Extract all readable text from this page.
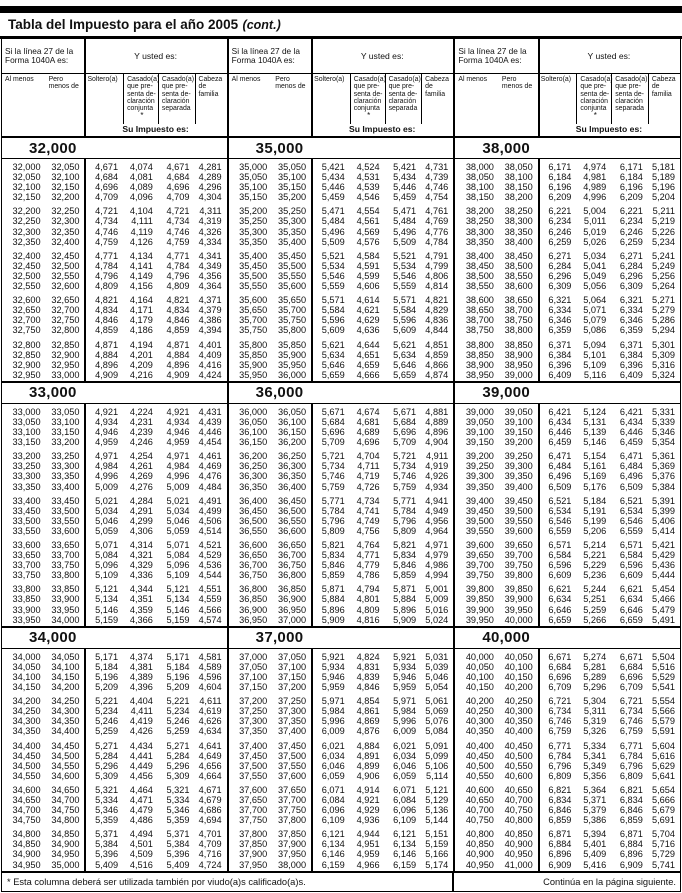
Tabla del Impuesto para el año 2005 (cont.)
Si la línea 27 de la Forma 1040A es:	Y usted es:
Al menos	Pero menos de
Soltero(a)	Casado(a) que pre- senta de- claración conjunta
*
Casado(a) que pre- senta de- claración separada
Cabeza de familia
Su Impuesto es:
32,000
32,000	32,050	4,671	4,074	4,671 4,281
32,050	32,100	4,684	4,081	4,684 4,289
32,100	32,150	4,696	4,089	4,696 4,296
32,150	32,200	4,709	4,096	4,709 4,304
32,200	32,250	4,721	4,104	4,721	4,311
32,250	32,300	4,734	4,111	4,734 4,319
32,300	32,350	4,746	4,119	4,746 4,326
32,350	32,400	4,759	4,126	4,759 4,334
32,400	32,450	4,771	4,134	4,771 4,341
32,450	32,500	4,784	4,141	4,784 4,349
32,500	32,550	4,796	4,149	4,796 4,356
32,550	32,600	4,809	4,156	4,809 4,364
32,600	32,650	4,821	4,164	4,821 4,371
32,650	32,700	4,834	4,171	4,834 4,379
32,700	32,750	4,846	4,179	4,846 4,386
32,750	32,800	4,859	4,186	4,859 4,394
32,800	32,850	4,871	4,194	4,871 4,401
32,850	32,900	4,884	4,201	4,884 4,409
32,900	32,950	4,896	4,209	4,896 4,416
32,950	33,000	4,909	4,216	4,909 4,424
33,000
33,000	33,050	4,921	4,224	4,921 4,431
33,050	33,100	4,934	4,231	4,934 4,439
33,100	33,150	4,946	4,239	4,946 4,446
33,150	33,200	4,959	4,246	4,959 4,454
33,200	33,250	4,971	4,254	4,971 4,461
33,250	33,300	4,984	4,261	4,984 4,469
33,300	33,350	4,996	4,269	4,996 4,476
33,350	33,400	5,009	4,276	5,009 4,484
33,400	33,450	5,021	4,284	5,021 4,491
33,450	33,500	5,034	4,291	5,034 4,499
33,500	33,550	5,046	4,299	5,046 4,506
33,550	33,600	5,059	4,306	5,059 4,514
33,600	33,650	5,071	4,314	5,071 4,521
33,650	33,700	5,084	4,321	5,084 4,529
33,700	33,750	5,096	4,329	5,096 4,536
33,750	33,800	5,109	4,336	5,109 4,544
33,800	33,850	5,121	4,344	5,121 4,551
33,850	33,900	5,134	4,351	5,134 4,559
33,900	33,950	5,146	4,359	5,146 4,566
33,950	34,000	5,159	4,366	5,159 4,574
34,000
34,000	34,050	5,171	4,374	5,171 4,581
34,050	34,100	5,184	4,381	5,184 4,589
34,100	34,150	5,196	4,389	5,196 4,596
34,150	34,200	5,209	4,396	5,209 4,604
34,200	34,250	5,221	4,404	5,221	4,611
34,250	34,300	5,234	4,411	5,234 4,619
34,300	34,350	5,246	4,419	5,246 4,626
34,350	34,400	5,259	4,426	5,259 4,634
34,400	34,450	5,271	4,434	5,271 4,641
34,450	34,500	5,284	4,441	5,284 4,649
34,500	34,550	5,296	4,449	5,296 4,656
34,550	34,600	5,309	4,456	5,309 4,664
34,600	34,650	5,321	4,464	5,321 4,671
34,650	34,700	5,334	4,471	5,334 4,679
34,700	34,750	5,346	4,479	5,346 4,686
34,750	34,800	5,359	4,486	5,359 4,694
34,800	34,850	5,371	4,494	5,371 4,701
34,850	34,900	5,384	4,501	5,384 4,709
34,900	34,950	5,396	4,509	5,396 4,716
34,950	35,000	5,409	4,516	5,409 4,724
Si la línea 27 de la Forma 1040A es:	Y usted es:
Al menos	Pero menos de
Soltero(a)	Casado(a) que pre- senta de- claración conjunta
*
Casado(a) que pre- senta de- claración separada
Cabeza de familia
Su Impuesto es:
35,000
35,000	35,050	5,421	4,524	5,421 4,731
35,050	35,100	5,434	4,531	5,434 4,739
35,100	35,150	5,446	4,539	5,446 4,746
35,150	35,200	5,459	4,546	5,459 4,754
35,200	35,250	5,471	4,554	5,471 4,761
35,250	35,300	5,484	4,561	5,484 4,769
35,300	35,350	5,496	4,569	5,496 4,776
35,350	35,400	5,509	4,576	5,509 4,784
35,400	35,450	5,521	4,584	5,521 4,791
35,450	35,500	5,534	4,591	5,534 4,799
35,500	35,550	5,546	4,599	5,546 4,806
35,550	35,600	5,559	4,606	5,559 4,814
35,600	35,650	5,571	4,614	5,571 4,821
35,650	35,700	5,584	4,621	5,584 4,829
35,700	35,750	5,596	4,629	5,596 4,836
35,750	35,800	5,609	4,636	5,609 4,844
35,800	35,850	5,621	4,644	5,621 4,851
35,850	35,900	5,634	4,651	5,634 4,859
35,900	35,950	5,646	4,659	5,646 4,866
35,950	36,000	5,659	4,666	5,659 4,874
36,000
36,000	36,050	5,671	4,674	5,671 4,881
36,050	36,100	5,684	4,681	5,684 4,889
36,100	36,150	5,696	4,689	5,696 4,896
36,150	36,200	5,709	4,696	5,709 4,904
36,200	36,250	5,721	4,704	5,721	4,911
36,250	36,300	5,734	4,711	5,734 4,919
36,300	36,350	5,746	4,719	5,746 4,926
36,350	36,400	5,759	4,726	5,759 4,934
36,400	36,450	5,771	4,734	5,771 4,941
36,450	36,500	5,784	4,741	5,784 4,949
36,500	36,550	5,796	4,749	5,796 4,956
36,550	36,600	5,809	4,756	5,809 4,964
36,600	36,650	5,821	4,764	5,821 4,971
36,650	36,700	5,834	4,771	5,834 4,979
36,700	36,750	5,846	4,779	5,846 4,986
36,750	36,800	5,859	4,786	5,859 4,994
36,800	36,850	5,871	4,794	5,871 5,001
36,850	36,900	5,884	4,801	5,884 5,009
36,900	36,950	5,896	4,809	5,896 5,016
36,950	37,000	5,909	4,816	5,909 5,024
37,000
37,000	37,050	5,921	4,824	5,921 5,031
37,050	37,100	5,934	4,831	5,934 5,039
37,100	37,150	5,946	4,839	5,946 5,046
37,150	37,200	5,959	4,846	5,959 5,054
37,200	37,250	5,971	4,854	5,971 5,061
37,250	37,300	5,984	4,861	5,984 5,069
37,300	37,350	5,996	4,869	5,996 5,076
37,350	37,400	6,009	4,876	6,009 5,084
37,400	37,450	6,021	4,884	6,021 5,091
37,450	37,500	6,034	4,891	6,034 5,099
37,500	37,550	6,046	4,899	6,046 5,106
37,550	37,600	6,059	4,906	6,059	5,114
37,600	37,650	6,071	4,914	6,071 5,121
37,650	37,700	6,084	4,921	6,084 5,129
37,700	37,750	6,096	4,929	6,096 5,136
37,750	37,800	6,109	4,936	6,109 5,144
37,800	37,850	6,121	4,944	6,121 5,151
37,850	37,900	6,134	4,951	6,134 5,159
37,900	37,950	6,146	4,959	6,146 5,166
37,950	38,000	6,159	4,966	6,159 5,174
Si la línea 27 de la Forma 1040A es:	Y usted es:
Al menos	Pero menos de
Soltero(a)	Casado(a) que pre- senta de- claración conjunta
*
Casado(a) que pre- senta de- claración separada
Cabeza de familia
Su Impuesto es:
38,000
38,000	38,050	6,171	4,974	6,171 5,181
38,050	38,100	6,184	4,981	6,184 5,189
38,100	38,150	6,196	4,989	6,196 5,196
38,150	38,200	6,209	4,996	6,209 5,204
38,200	38,250	6,221	5,004	6,221	5,211
38,250	38,300	6,234	5,011	6,234 5,219
38,300	38,350	6,246	5,019	6,246 5,226
38,350	38,400	6,259	5,026	6,259 5,234
38,400	38,450	6,271	5,034	6,271 5,241
38,450	38,500	6,284	5,041	6,284 5,249
38,500	38,550	6,296	5,049	6,296 5,256
38,550	38,600	6,309	5,056	6,309 5,264
38,600	38,650	6,321	5,064	6,321 5,271
38,650	38,700	6,334	5,071	6,334 5,279
38,700	38,750	6,346	5,079	6,346 5,286
38,750	38,800	6,359	5,086	6,359 5,294
38,800	38,850	6,371	5,094	6,371 5,301
38,850	38,900	6,384	5,101	6,384 5,309
38,900	38,950	6,396	5,109	6,396 5,316
38,950	39,000	6,409	5,116	6,409 5,324
39,000
39,000	39,050	6,421	5,124	6,421 5,331
39,050	39,100	6,434	5,131	6,434 5,339
39,100	39,150	6,446	5,139	6,446 5,346
39,150	39,200	6,459	5,146	6,459 5,354
39,200	39,250	6,471	5,154	6,471 5,361
39,250	39,300	6,484	5,161	6,484 5,369
39,300	39,350	6,496	5,169	6,496 5,376
39,350	39,400	6,509	5,176	6,509 5,384
39,400	39,450	6,521	5,184	6,521 5,391
39,450	39,500	6,534	5,191	6,534 5,399
39,500	39,550	6,546	5,199	6,546 5,406
39,550	39,600	6,559	5,206	6,559 5,414
39,600	39,650	6,571	5,214	6,571 5,421
39,650	39,700	6,584	5,221	6,584 5,429
39,700	39,750	6,596	5,229	6,596 5,436
39,750	39,800	6,609	5,236	6,609 5,444
39,800	39,850	6,621	5,244	6,621 5,454
39,850	39,900	6,634	5,251	6,634 5,466
39,900	39,950	6,646	5,259	6,646 5,479
39,950	40,000	6,659	5,266	6,659 5,491
40,000
40,000	40,050	6,671	5,274	6,671 5,504
40,050	40,100	6,684	5,281	6,684 5,516
40,100	40,150	6,696	5,289	6,696 5,529
40,150	40,200	6,709	5,296	6,709 5,541
40,200	40,250	6,721	5,304	6,721 5,554
40,250	40,300	6,734	5,311	6,734 5,566
40,300	40,350	6,746	5,319	6,746 5,579
40,350	40,400	6,759	5,326	6,759 5,591
40,400	40,450	6,771	5,334	6,771 5,604
40,450	40,500	6,784	5,341	6,784 5,616
40,500	40,550	6,796	5,349	6,796 5,629
40,550	40,600	6,809	5,356	6,809 5,641
40,600	40,650	6,821	5,364	6,821 5,654
40,650	40,700	6,834	5,371	6,834 5,666
40,700	40,750	6,846	5,379	6,846 5,679
40,750	40,800	6,859	5,386	6,859 5,691
40,800	40,850	6,871	5,394	6,871 5,704
40,850	40,900	6,884	5,401	6,884 5,716
40,900	40,950	6,896	5,409	6,896 5,729
40,950	41,000	6,909	5,416	6,909 5,741
* Esta columna deberá ser utilizada también por viudo(a)s calificado(a)s.	Continúa en la página siguiente.
